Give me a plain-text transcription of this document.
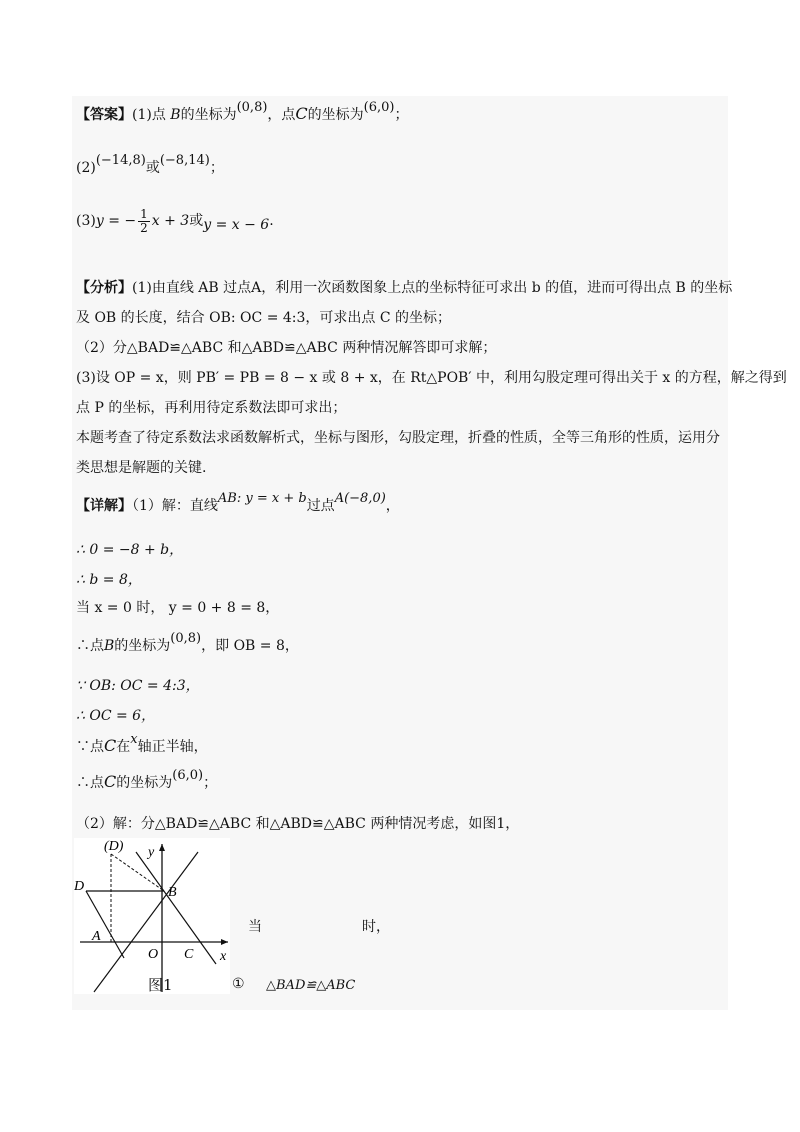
【答案】(1)点 B的坐标为(0,8)，点C的坐标为(6,0)；
(2)(−14,8)或(−8,14)；
(3)y = − $\frac{1}{2}$ x + 3或y = x − 6.
【分析】(1)由直线 AB 过点A，利用一次函数图象上点的坐标特征可求出 b 的值，进而可得出点 B 的坐标
及 OB 的长度，结合 OB: OC = 4:3，可求出点 C 的坐标；
（2）分△BAD≌△ABC 和△ABD≌△ABC 两种情况解答即可求解；
(3)设 OP = x，则 PB′ = PB = 8 − x 或 8 + x，在 Rt△POB′ 中，利用勾股定理可得出关于 x 的方程，解之得到
点 P 的坐标，再利用待定系数法即可求出；
本题考查了待定系数法求函数解析式，坐标与图形，勾股定理，折叠的性质，全等三角形的性质，运用分
类思想是解题的关键.
【详解】（1）解：直线AB: y = x + b过点A(−8,0)，
∴ 0 = −8 + b，
∴ b = 8，
当 x = 0 时， y = 0 + 8 = 8，
∴点B的坐标为(0,8)，即 OB = 8，
∵ OB: OC = 4:3，
∴ OC = 6，
∵点C在x轴正半轴，
∴点C的坐标为(6,0)；
（2）解：分△BAD≌△ABC 和△ABD≌△ABC 两种情况考虑，如图1，
(D) y
D	B
A
O C x
图1
当	时，
① △BAD≌△ABC
